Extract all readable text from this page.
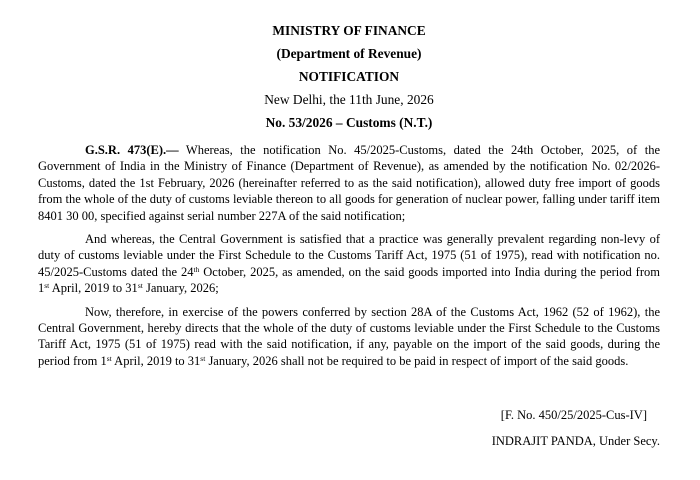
MINISTRY OF FINANCE
(Department of Revenue)
NOTIFICATION
New Delhi, the 11th June, 2026
No. 53/2026 – Customs (N.T.)

G.S.R. 473(E).— Whereas, the notification No. 45/2025-Customs, dated the 24th October, 2025, of the Government of India in the Ministry of Finance (Department of Revenue), as amended by the notification No. 02/2026-Customs, dated the 1st February, 2026 (hereinafter referred to as the said notification), allowed duty free import of goods from the whole of the duty of customs leviable thereon to all goods for generation of nuclear power, falling under tariff item 8401 30 00, specified against serial number 227A of the said notification;

And whereas, the Central Government is satisfied that a practice was generally prevalent regarding non-levy of duty of customs leviable under the First Schedule to the Customs Tariff Act, 1975 (51 of 1975), read with notification no. 45/2025-Customs dated the 24th October, 2025, as amended, on the said goods imported into India during the period from 1st April, 2019 to 31st January, 2026;

Now, therefore, in exercise of the powers conferred by section 28A of the Customs Act, 1962 (52 of 1962), the Central Government, hereby directs that the whole of the duty of customs leviable under the First Schedule to the Customs Tariff Act, 1975 (51 of 1975) read with the said notification, if any, payable on the import of the said goods, during the period from 1st April, 2019 to 31st January, 2026 shall not be required to be paid in respect of import of the said goods.

[F. No. 450/25/2025-Cus-IV]

INDRAJIT PANDA, Under Secy.
